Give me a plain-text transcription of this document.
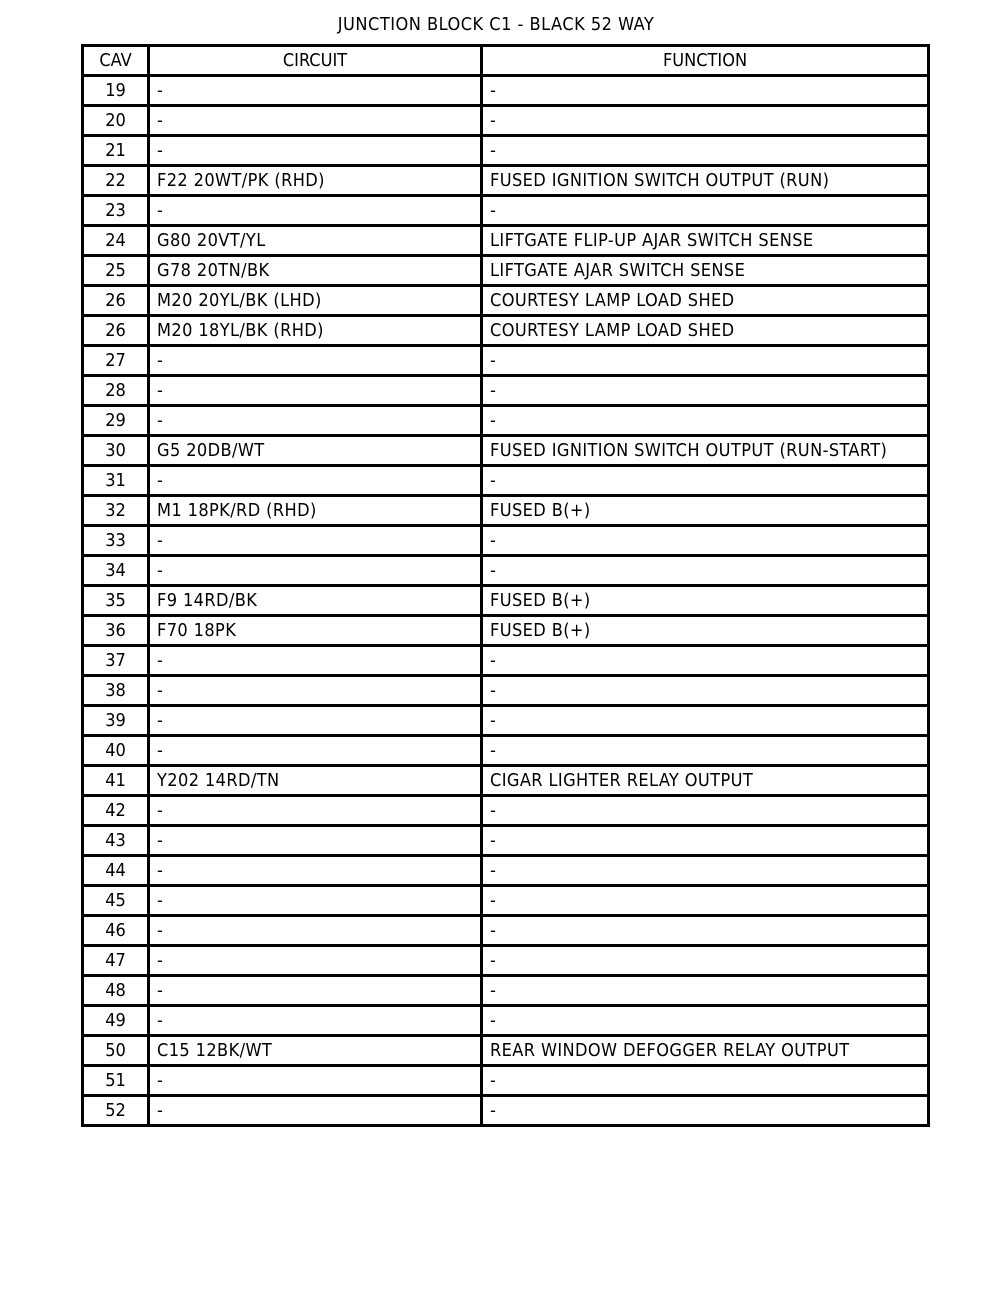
JUNCTION BLOCK C1 - BLACK 52 WAY
CAV	CIRCUIT	FUNCTION
19	-	-
20	-	-
21	-	-
22	F22 20WT/PK (RHD)	FUSED IGNITION SWITCH OUTPUT (RUN)
23	-	-
24	G80 20VT/YL	LIFTGATE FLIP-UP AJAR SWITCH SENSE
25	G78 20TN/BK	LIFTGATE AJAR SWITCH SENSE
26	M20 20YL/BK (LHD)	COURTESY LAMP LOAD SHED
26	M20 18YL/BK (RHD)	COURTESY LAMP LOAD SHED
27	-	-
28	-	-
29	-	-
30	G5 20DB/WT	FUSED IGNITION SWITCH OUTPUT (RUN-START)
31	-	-
32	M1 18PK/RD (RHD)	FUSED B(+)
33	-	-
34	-	-
35	F9 14RD/BK	FUSED B(+)
36	F70 18PK	FUSED B(+)
37	-	-
38	-	-
39	-	-
40	-	-
41	Y202 14RD/TN	CIGAR LIGHTER RELAY OUTPUT
42	-	-
43	-	-
44	-	-
45	-	-
46	-	-
47	-	-
48	-	-
49	-	-
50	C15 12BK/WT	REAR WINDOW DEFOGGER RELAY OUTPUT
51	-	-
52	-	-
